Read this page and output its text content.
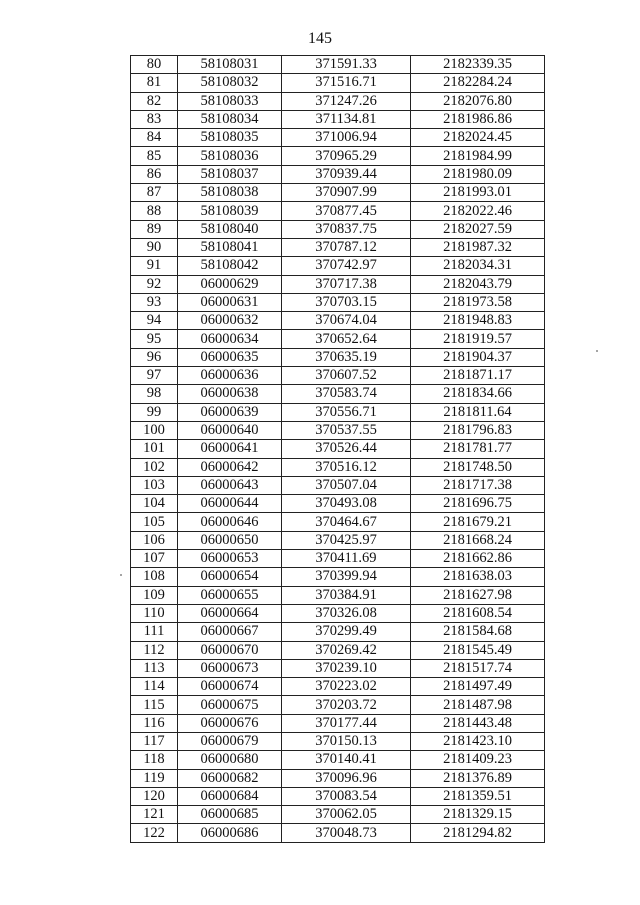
145
80	58108031	371591.33	2182339.35
81	58108032	371516.71	2182284.24
82	58108033	371247.26	2182076.80
83	58108034	371134.81	2181986.86
84	58108035	371006.94	2182024.45
85	58108036	370965.29	2181984.99
86	58108037	370939.44	2181980.09
87	58108038	370907.99	2181993.01
88	58108039	370877.45	2182022.46
89	58108040	370837.75	2182027.59
90	58108041	370787.12	2181987.32
91	58108042	370742.97	2182034.31
92	06000629	370717.38	2182043.79
93	06000631	370703.15	2181973.58
94	06000632	370674.04	2181948.83
95	06000634	370652.64	2181919.57
96	06000635	370635.19	2181904.37
97	06000636	370607.52	2181871.17
98	06000638	370583.74	2181834.66
99	06000639	370556.71	2181811.64
100	06000640	370537.55	2181796.83
101	06000641	370526.44	2181781.77
102	06000642	370516.12	2181748.50
103	06000643	370507.04	2181717.38
104	06000644	370493.08	2181696.75
105	06000646	370464.67	2181679.21
106	06000650	370425.97	2181668.24
107	06000653	370411.69	2181662.86
108	06000654	370399.94	2181638.03
109	06000655	370384.91	2181627.98
110	06000664	370326.08	2181608.54
111	06000667	370299.49	2181584.68
112	06000670	370269.42	2181545.49
113	06000673	370239.10	2181517.74
114	06000674	370223.02	2181497.49
115	06000675	370203.72	2181487.98
116	06000676	370177.44	2181443.48
117	06000679	370150.13	2181423.10
118	06000680	370140.41	2181409.23
119	06000682	370096.96	2181376.89
120	06000684	370083.54	2181359.51
121	06000685	370062.05	2181329.15
122	06000686	370048.73	2181294.82
